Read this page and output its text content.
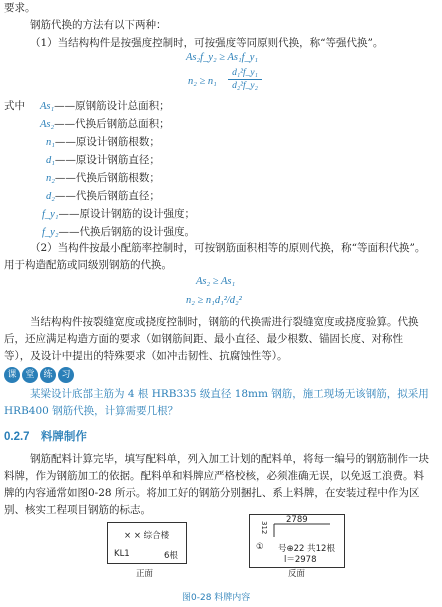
要求。
钢筋代换的方法有以下两种：
（1）当结构构件是按强度控制时，可按强度等同原则代换，称“等强代换”。
As₂f_y₂ ≥ As₁f_y₁
n₂ ≥ n₁
d₁²f_y₁
d₂²f_y₂
式中 As₁——原钢筋设计总面积；
As₂——代换后钢筋总面积；
n₁——原设计钢筋根数；
d₁——原设计钢筋直径；
n₂——代换后钢筋根数；
d₂——代换后钢筋直径；
f_y₁——原设计钢筋的设计强度；
f_y₂——代换后钢筋的设计强度。
（2）当构件按最小配筋率控制时，可按钢筋面积相等的原则代换，称“等面积代换”。
用于构造配筋或同级别钢筋的代换。
As₂ ≥ As₁
n₂ ≥ n₁d₁²/d₂²
当结构构件按裂缝宽度或挠度控制时，钢筋的代换需进行裂缝宽度或挠度验算。代换
后，还应满足构造方面的要求（如钢筋间距、最小直径、最少根数、锚固长度、对称性
等），及设计中提出的特殊要求（如冲击韧性、抗腐蚀性等）。
课 堂 练 习
某梁设计底部主筋为 4 根 HRB335 级直径 18mm 钢筋，施工现场无该钢筋，拟采用
HRB400 钢筋代换，计算需要几根？
0.2.7 料牌制作
钢筋配料计算完毕，填写配料单，列入加工计划的配料单，将每一编号的钢筋制作一块
料牌，作为钢筋加工的依据。配料单和料牌应严格校核，必须准确无误，以免返工浪费。料
牌的内容通常如图0-28 所示。将加工好的钢筋分别捆扎、系上料牌，在安装过程中作为区
别、核实工程项目钢筋的标志。
× × 综合楼
KL1	6根
正面
2789
312
① 号⊕22 共12根
l＝2978
反面
图0-28 料牌内容
